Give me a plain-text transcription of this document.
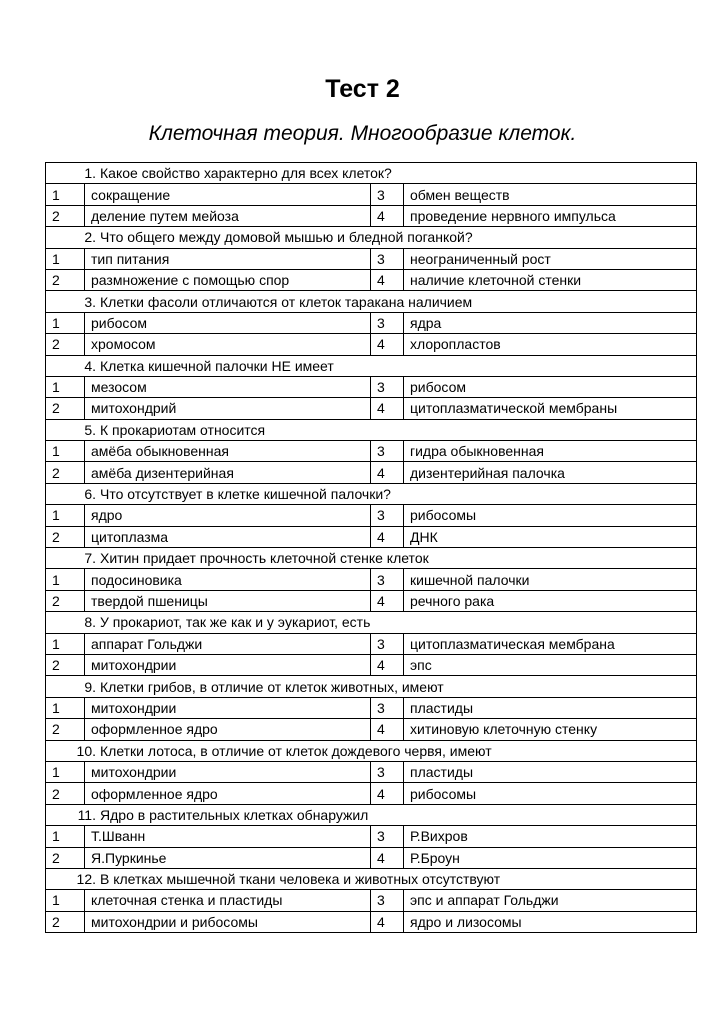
Тест 2
Клеточная теория. Многообразие клеток.
1. Какое свойство характерно для всех клеток?			
1	сокращение	3	обмен веществ
2	деление путем мейоза	4	проведение нервного импульса
2. Что общего между домовой мышью и бледной поганкой?			
1	тип питания	3	неограниченный рост
2	размножение с помощью спор	4	наличие клеточной стенки
3. Клетки фасоли отличаются от клеток таракана наличием			
1	рибосом	3	ядра
2	хромосом	4	хлоропластов
4. Клетка кишечной палочки НЕ имеет			
1	мезосом	3	рибосом
2	митохондрий	4	цитоплазматической мембраны
5. К прокариотам относится			
1	амёба обыкновенная	3	гидра обыкновенная
2	амёба дизентерийная	4	дизентерийная палочка
6. Что отсутствует в клетке кишечной палочки?			
1	ядро	3	рибосомы
2	цитоплазма	4	ДНК
7. Хитин придает прочность клеточной стенке клеток			
1	подосиновика	3	кишечной палочки
2	твердой пшеницы	4	речного рака
8. У прокариот, так же как и у эукариот, есть			
1	аппарат Гольджи	3	цитоплазматическая мембрана
2	митохондрии	4	эпс
9. Клетки грибов, в отличие от клеток животных, имеют			
1	митохондрии	3	пластиды
2	оформленное ядро	4	хитиновую клеточную стенку
10. Клетки лотоса, в отличие от клеток дождевого червя, имеют			
1	митохондрии	3	пластиды
2	оформленное ядро	4	рибосомы
11. Ядро в растительных клетках обнаружил			
1	Т.Шванн	3	Р.Вихров
2	Я.Пуркинье	4	Р.Броун
12. В клетках мышечной ткани человека и животных отсутствуют			
1	клеточная стенка и пластиды	3	эпс и аппарат Гольджи
2	митохондрии и рибосомы	4	ядро и лизосомы
